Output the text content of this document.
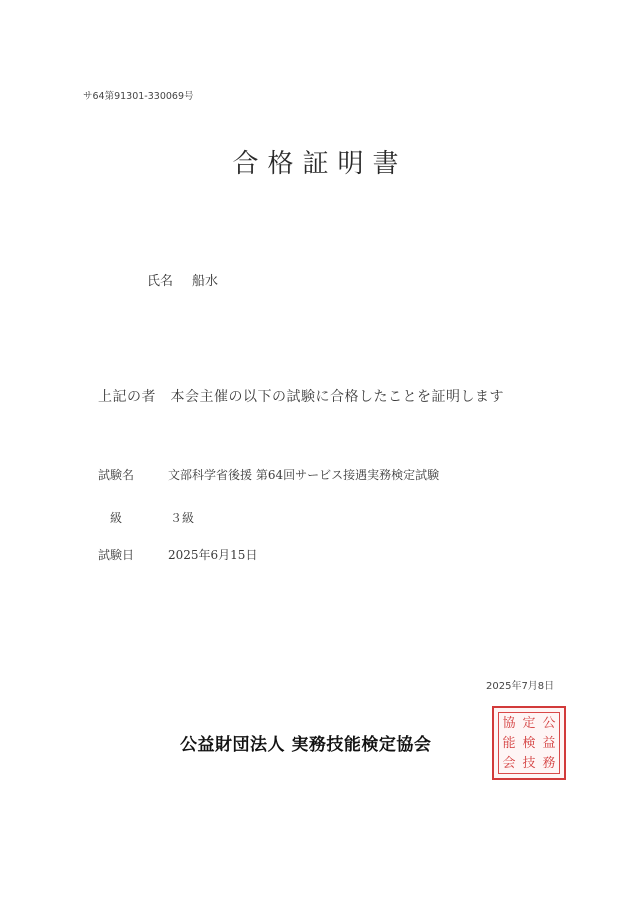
サ64第91301-330069号
合格証明書
氏名 船水
上記の者　本会主催の以下の試験に合格したことを証明します
試験名	文部科学省後援 第64回サービス接遇実務検定試験
級	３級
試験日	2025年6月15日
2025年7月8日
公益財団法人 実務技能検定協会
協 定 公
能 検 益
会 技 務
